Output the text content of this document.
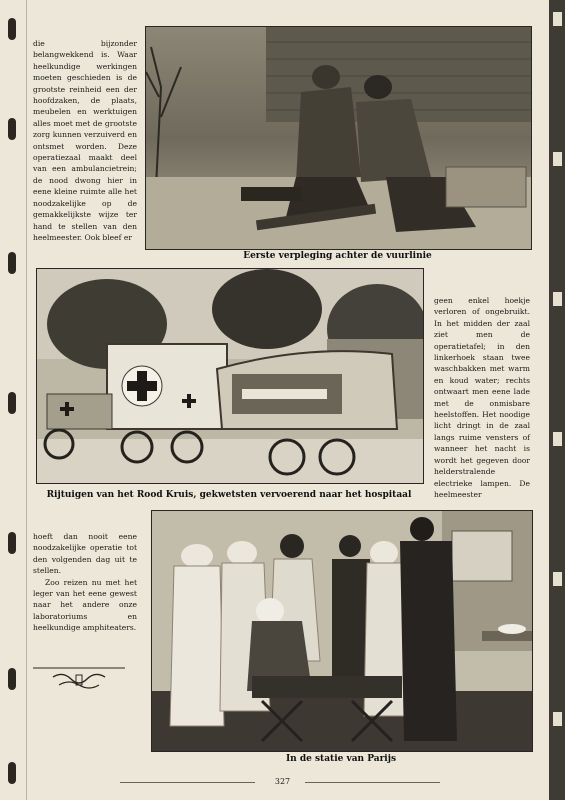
die bijzonder belangwekkend is. Waar heelkundige werkingen moeten geschieden is de grootste reinheid een der hoofdzaken, de plaats, meubelen en werktuigen alles moet met de grootste zorg kunnen verzuiverd en ontsmet worden. Deze operatiezaal maakt deel van een ambulancietrein; de nood dwong hier in eene kleine ruimte alle het noodzakelijke op de gemakkelijkste wijze ter hand te stellen van den heelmeester. Ook bleef er

Eerste verpleging achter de vuurlinie
Rijtuigen van het Rood Kruis, gekwetsten vervoerend naar het hospitaal

geen enkel hoekje verloren of ongebruikt. In het midden der zaal ziet men de operatietafel; in den linkerhoek staan twee waschbakken met warm en koud water; rechts ontwaart men eene lade met de onmisbare heelstoffen. Het noodige licht dringt in de zaal langs ruime vensters of wanneer het nacht is wordt het gegeven door helderstralende electrieke lampen. De heelmeester

hoeft dan nooit eene noodzakelijke operatie tot den volgenden dag uit te stellen.

Zoo reizen nu met het leger van het eene gewest naar het andere onze laboratoriums en heelkundige amphiteaters.

In de statie van Parijs
327
